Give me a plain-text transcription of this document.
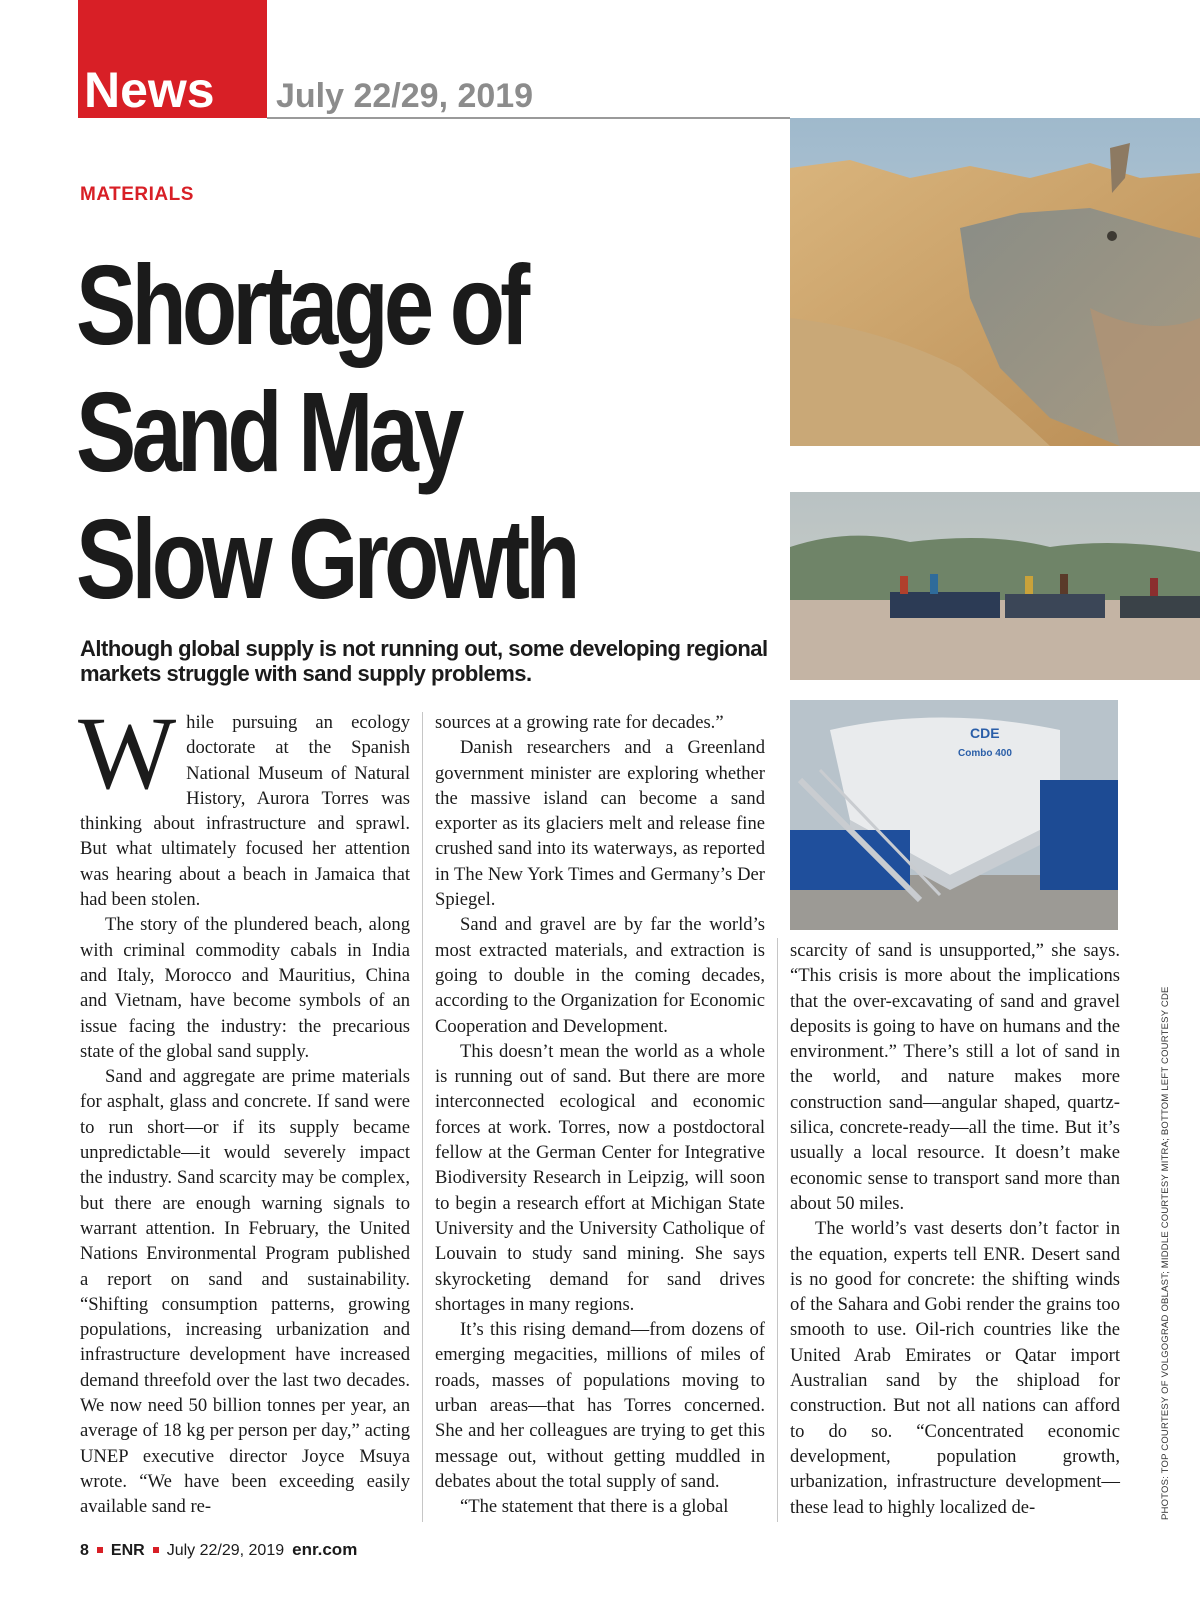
News July 22/29, 2019
MATERIALS
Shortage of
Sand May
Slow Growth
Although global supply is not running out, some developing regional markets struggle with sand supply problems.

While pursuing an ecology doctorate at the Spanish National Museum of Natural History, Aurora Torres was thinking about infrastructure and sprawl. But what ultimately focused her attention was hearing about a beach in Jamaica that had been stolen.

The story of the plundered beach, along with criminal commodity cabals in India and Italy, Morocco and Mauritius, China and Vietnam, have become symbols of an issue facing the industry: the precarious state of the global sand supply.

Sand and aggregate are prime materials for asphalt, glass and concrete. If sand were to run short—or if its supply became unpredictable—it would severely impact the industry. Sand scarcity may be complex, but there are enough warning signals to warrant attention. In February, the United Nations Environmental Program published a report on sand and sustainability. “Shifting consumption patterns, growing populations, increasing urbanization and infrastructure development have increased demand threefold over the last two decades. We now need 50 billion tonnes per year, an average of 18 kg per person per day,” acting UNEP executive director Joyce Msuya wrote. “We have been exceeding easily available sand re-

sources at a growing rate for decades.”

Danish researchers and a Greenland government minister are exploring whether the massive island can become a sand exporter as its glaciers melt and release fine crushed sand into its waterways, as reported in The New York Times and Germany’s Der Spiegel.

Sand and gravel are by far the world’s most extracted materials, and extraction is going to double in the coming decades, according to the Organization for Economic Cooperation and Development.

This doesn’t mean the world as a whole is running out of sand. But there are more interconnected ecological and economic forces at work. Torres, now a postdoctoral fellow at the German Center for Integrative Biodiversity Research in Leipzig, will soon to begin a research effort at Michigan State University and the University Catholique of Louvain to study sand mining. She says skyrocketing demand for sand drives shortages in many regions.

It’s this rising demand—from dozens of emerging megacities, millions of miles of roads, masses of populations moving to urban areas—that has Torres concerned. She and her colleagues are trying to get this message out, without getting muddled in debates about the total supply of sand.

“The statement that there is a global

scarcity of sand is unsupported,” she says. “This crisis is more about the implications that the over-excavating of sand and gravel deposits is going to have on humans and the environment.” There’s still a lot of sand in the world, and nature makes more construction sand—angular shaped, quartz-silica, concrete-ready—all the time. But it’s usually a local resource. It doesn’t make economic sense to transport sand more than about 50 miles.

The world’s vast deserts don’t factor in the equation, experts tell ENR. Desert sand is no good for concrete: the shifting winds of the Sahara and Gobi render the grains too smooth to use. Oil-rich countries like the United Arab Emirates or Qatar import Australian sand by the shipload for construction. But not all nations can afford to do so. “Concentrated economic development, population growth, urbanization, infrastructure development—these lead to highly localized de-

CDE
Combo 400
PHOTOS: TOP COURTESY OF VOLGOGRAD OBLAST; MIDDLE COURTESY MITRA; BOTTOM LEFT COURTESY CDE
8 ENR July 22/29, 2019 enr.com
